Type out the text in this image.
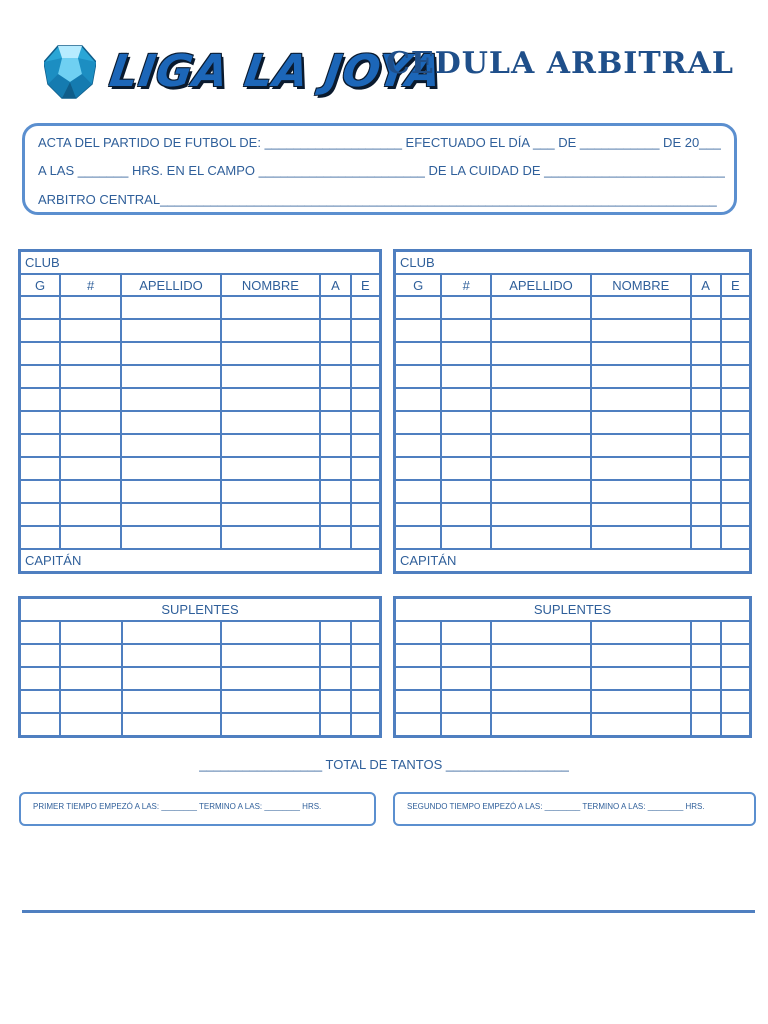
LIGA LA JOYA
CEDULA ARBITRAL
ACTA DEL PARTIDO DE FUTBOL DE: ___________________ EFECTUADO EL DÍA ___ DE ___________ DE 20___
A LAS _______ HRS. EN EL CAMPO _______________________ DE LA CUIDAD DE _________________________
ARBITRO CENTRAL_____________________________________________________________________________
CLUB					
G	#	APELLIDO	NOMBRE	A	E

CAPITÁN					
CLUB					
G	#	APELLIDO	NOMBRE	A	E

CAPITÁN					
SUPLENTES					

						SUPLENTES					

_________________ TOTAL DE TANTOS _________________
PRIMER TIEMPO EMPEZÓ A LAS: ________ TERMINO A LAS: ________ HRS.	SEGUNDO TIEMPO EMPEZÓ A LAS: ________ TERMINO A LAS: ________ HRS.
